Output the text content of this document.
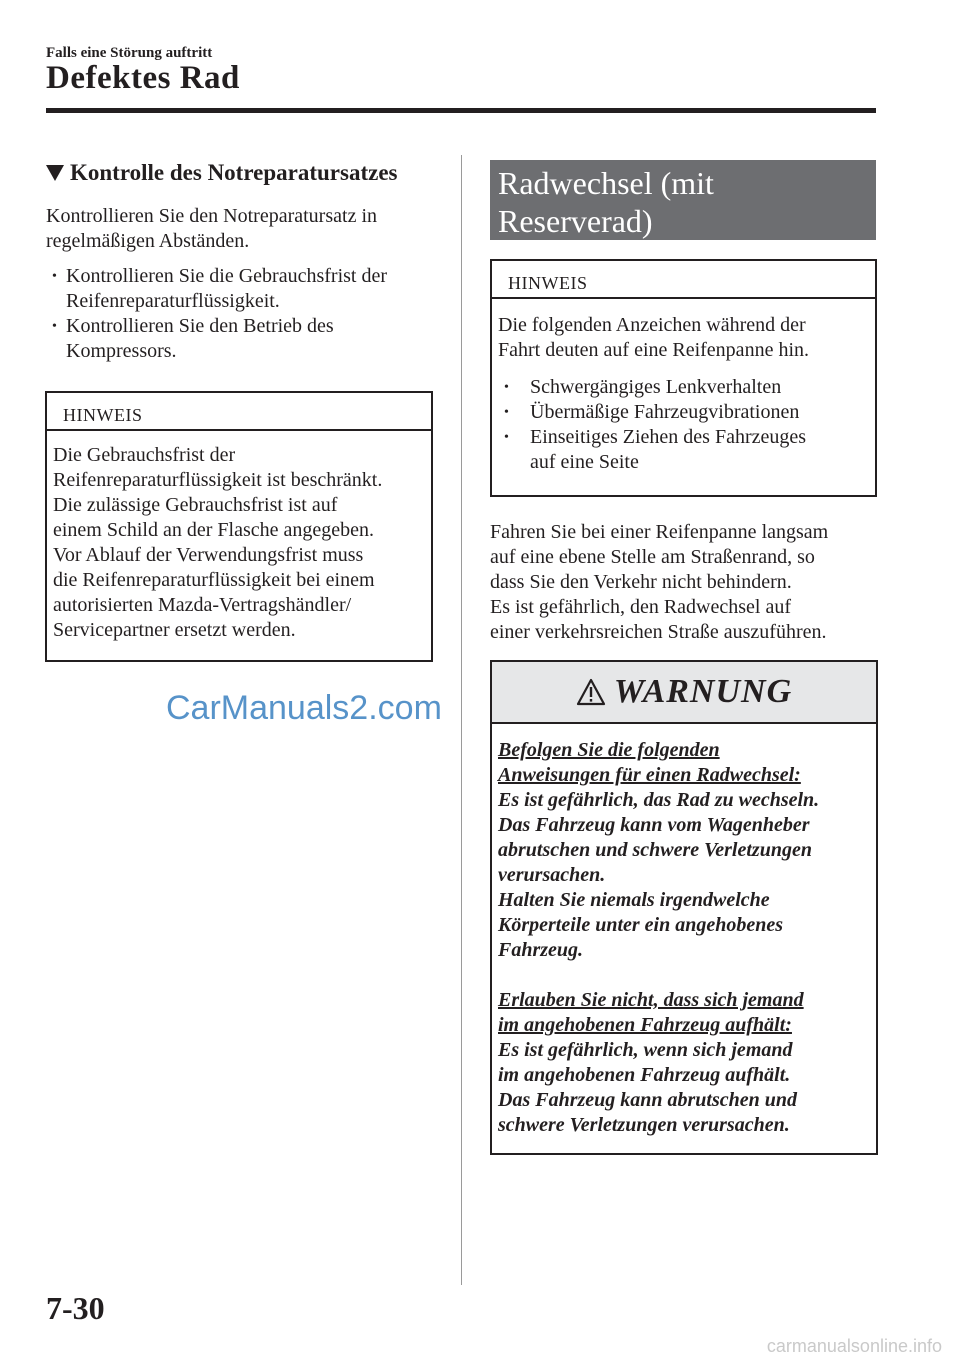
Falls eine Störung auftritt
Defektes Rad
Kontrolle des Notreparatursatzes
Kontrollieren Sie den Notreparatursatz in
regelmäßigen Abständen.
• Kontrollieren Sie die Gebrauchsfrist der
Reifenreparaturflüssigkeit.
• Kontrollieren Sie den Betrieb des
Kompressors.
HINWEIS
Die Gebrauchsfrist der
Reifenreparaturflüssigkeit ist beschränkt.
Die zulässige Gebrauchsfrist ist auf
einem Schild an der Flasche angegeben.
Vor Ablauf der Verwendungsfrist muss
die Reifenreparaturflüssigkeit bei einem
autorisierten Mazda-Vertragshändler/
Servicepartner ersetzt werden.
CarManuals2.com
Radwechsel (mit
Reserverad)
HINWEIS
Die folgenden Anzeichen während der
Fahrt deuten auf eine Reifenpanne hin.
• Schwergängiges Lenkverhalten
• Übermäßige Fahrzeugvibrationen
• Einseitiges Ziehen des Fahrzeuges
auf eine Seite
Fahren Sie bei einer Reifenpanne langsam
auf eine ebene Stelle am Straßenrand, so
dass Sie den Verkehr nicht behindern.
Es ist gefährlich, den Radwechsel auf
einer verkehrsreichen Straße auszuführen.
WARNUNG
Befolgen Sie die folgenden
Anweisungen für einen Radwechsel:
Es ist gefährlich, das Rad zu wechseln.
Das Fahrzeug kann vom Wagenheber
abrutschen und schwere Verletzungen
verursachen.
Halten Sie niemals irgendwelche
Körperteile unter ein angehobenes
Fahrzeug.
Erlauben Sie nicht, dass sich jemand
im angehobenen Fahrzeug aufhält:
Es ist gefährlich, wenn sich jemand
im angehobenen Fahrzeug aufhält.
Das Fahrzeug kann abrutschen und
schwere Verletzungen verursachen.
7-30
carmanualsonline.info
